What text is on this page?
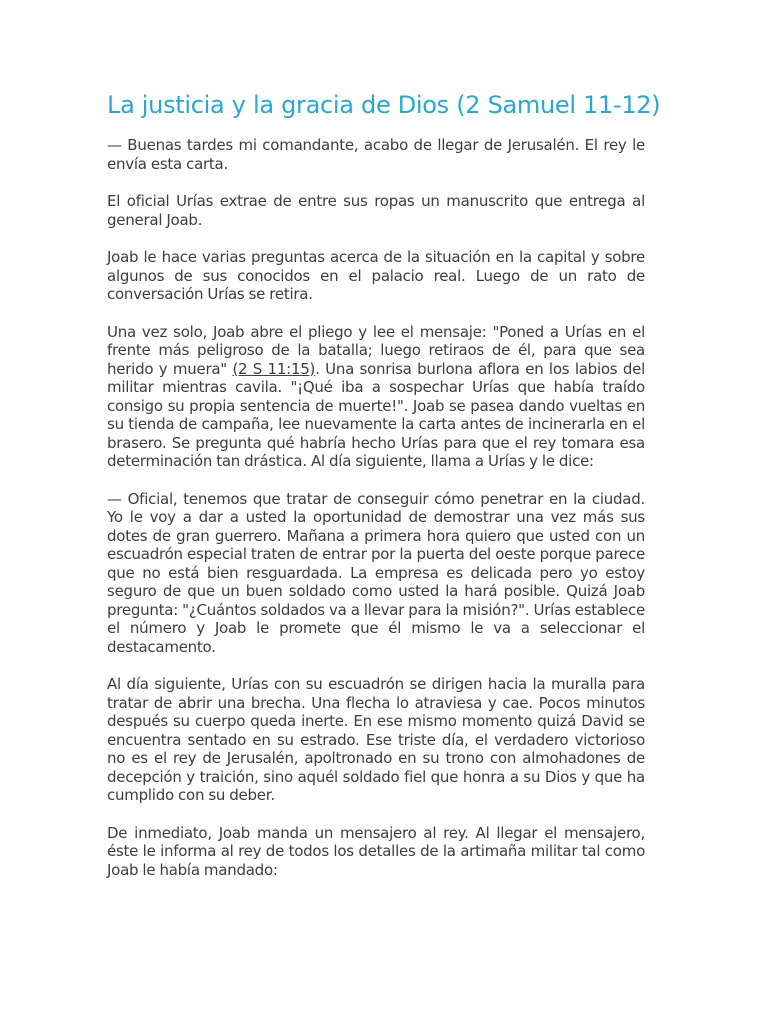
La justicia y la gracia de Dios (2 Samuel 11-12)

— Buenas tardes mi comandante, acabo de llegar de Jerusalén. El rey le envía esta carta.

El oficial Urías extrae de entre sus ropas un manuscrito que entrega al general Joab.

Joab le hace varias preguntas acerca de la situación en la capital y sobre algunos de sus conocidos en el palacio real. Luego de un rato de conversación Urías se retira.

Una vez solo, Joab abre el pliego y lee el mensaje: "Poned a Urías en el frente más peligroso de la batalla; luego retiraos de él, para que sea herido y muera" (2 S 11:15). Una sonrisa burlona aflora en los labios del militar mientras cavila. "¡Qué iba a sospechar Urías que había traído consigo su propia sentencia de muerte!". Joab se pasea dando vueltas en su tienda de campaña, lee nuevamente la carta antes de incinerarla en el brasero. Se pregunta qué habría hecho Urías para que el rey tomara esa determinación tan drástica. Al día siguiente, llama a Urías y le dice:

— Oficial, tenemos que tratar de conseguir cómo penetrar en la ciudad. Yo le voy a dar a usted la oportunidad de demostrar una vez más sus dotes de gran guerrero. Mañana a primera hora quiero que usted con un escuadrón especial traten de entrar por la puerta del oeste porque parece que no está bien resguardada. La empresa es delicada pero yo estoy seguro de que un buen soldado como usted la hará posible. Quizá Joab pregunta: "¿Cuántos soldados va a llevar para la misión?". Urías establece el número y Joab le promete que él mismo le va a seleccionar el destacamento.

Al día siguiente, Urías con su escuadrón se dirigen hacia la muralla para tratar de abrir una brecha. Una flecha lo atraviesa y cae. Pocos minutos después su cuerpo queda inerte. En ese mismo momento quizá David se encuentra sentado en su estrado. Ese triste día, el verdadero victorioso no es el rey de Jerusalén, apoltronado en su trono con almohadones de decepción y traición, sino aquél soldado fiel que honra a su Dios y que ha cumplido con su deber.

De inmediato, Joab manda un mensajero al rey. Al llegar el mensajero, éste le informa al rey de todos los detalles de la artimaña militar tal como Joab le había mandado:
